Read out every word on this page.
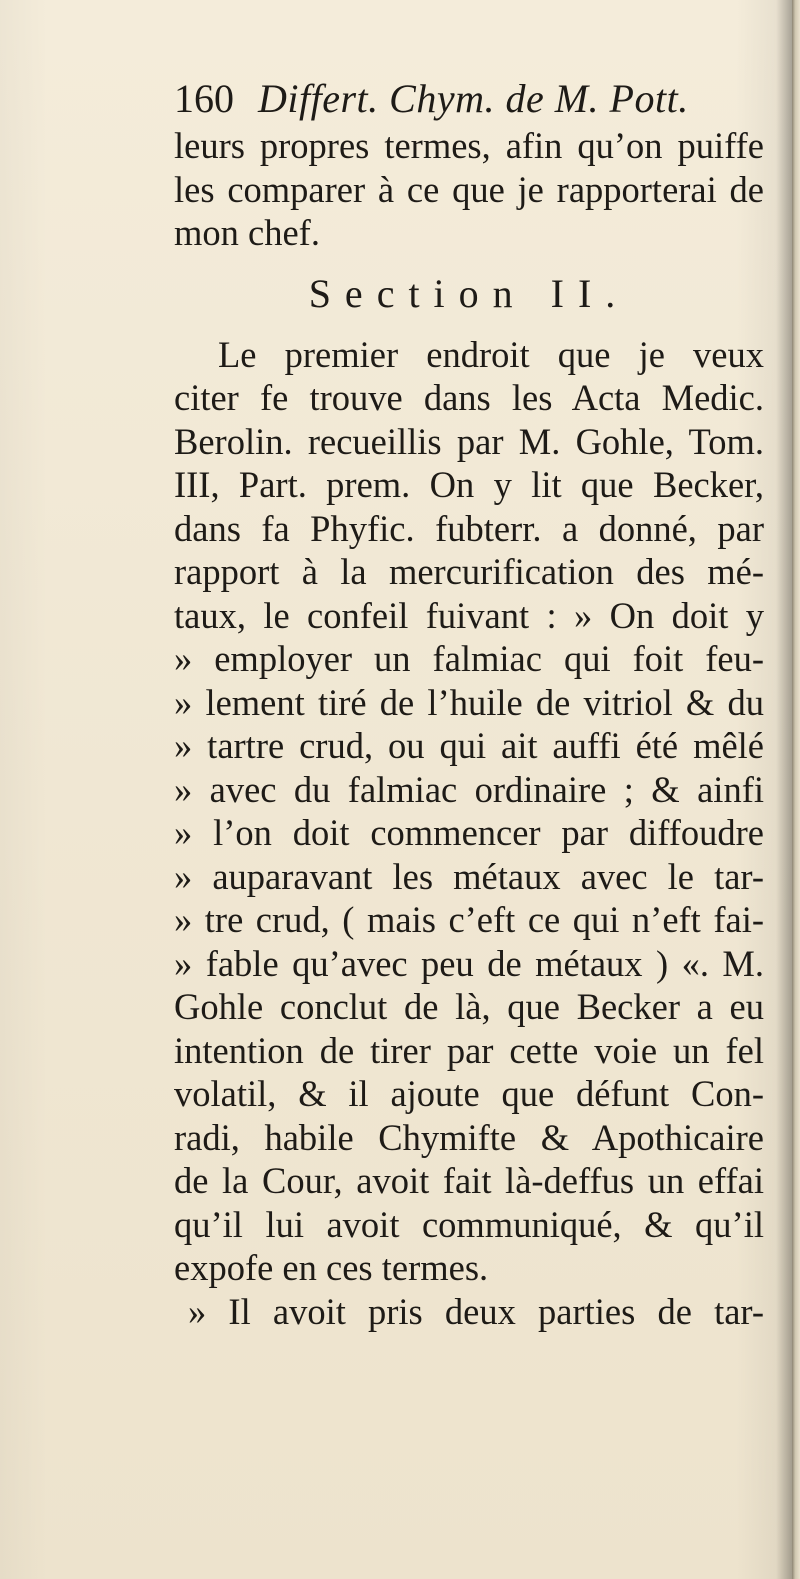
160 Differt. Chym. de M. Pott.
leurs propres termes, afin qu’on puiffe
les comparer à ce que je rapporterai de
mon chef.
Section II.
Le premier endroit que je veux
citer fe trouve dans les Acta Medic.
Berolin. recueillis par M. Gohle, Tom.
III, Part. prem. On y lit que Becker,
dans fa Phyfic. fubterr. a donné, par
rapport à la mercurification des mé-
taux, le confeil fuivant : » On doit y
» employer un falmiac qui foit feu-
» lement tiré de l’huile de vitriol & du
» tartre crud, ou qui ait auffi été mêlé
» avec du falmiac ordinaire ; & ainfi
» l’on doit commencer par diffoudre
» auparavant les métaux avec le tar-
» tre crud, ( mais c’eft ce qui n’eft fai-
» fable qu’avec peu de métaux ) «. M.
Gohle conclut de là, que Becker a eu
intention de tirer par cette voie un fel
volatil, & il ajoute que défunt Con-
radi, habile Chymifte & Apothicaire
de la Cour, avoit fait là-deffus un effai
qu’il lui avoit communiqué, & qu’il
expofe en ces termes.
» Il avoit pris deux parties de tar-
